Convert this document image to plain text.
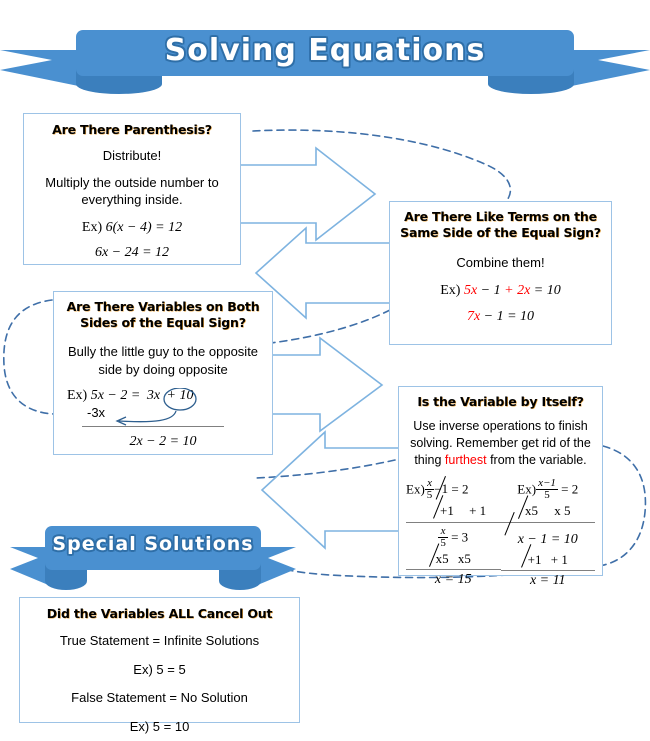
Solving Equations
Are There Parenthesis?
Distribute!
Multiply the outside number to everything inside.
Ex) 6(x − 4) = 12
6x − 24 = 12
Are There Like Terms on the Same Side of the Equal Sign?
Combine them!
Ex) 5x − 1 + 2x = 10
7x − 1 = 10
Are There Variables on Both Sides of the Equal Sign?
Bully the little guy to the opposite side by doing opposite
Ex) 5x − 2 = 3x + 10
-3x
2x − 2 = 10
Is the Variable by Itself?
Use inverse operations to finish solving. Remember get rid of the thing furthest from the variable.
$Ex) \frac{x}{5} -1 = 2$
+1 + 1
$\frac{x}{5} = 3$
x5 x5
x = 15
$Ex) \frac{x-1}{5} = 2$
x5 x 5
x − 1 = 10
+1 + 1
x = 11
Special Solutions
Did the Variables ALL Cancel Out
True Statement = Infinite Solutions
Ex) 5 = 5
False Statement = No Solution
Ex) 5 = 10
